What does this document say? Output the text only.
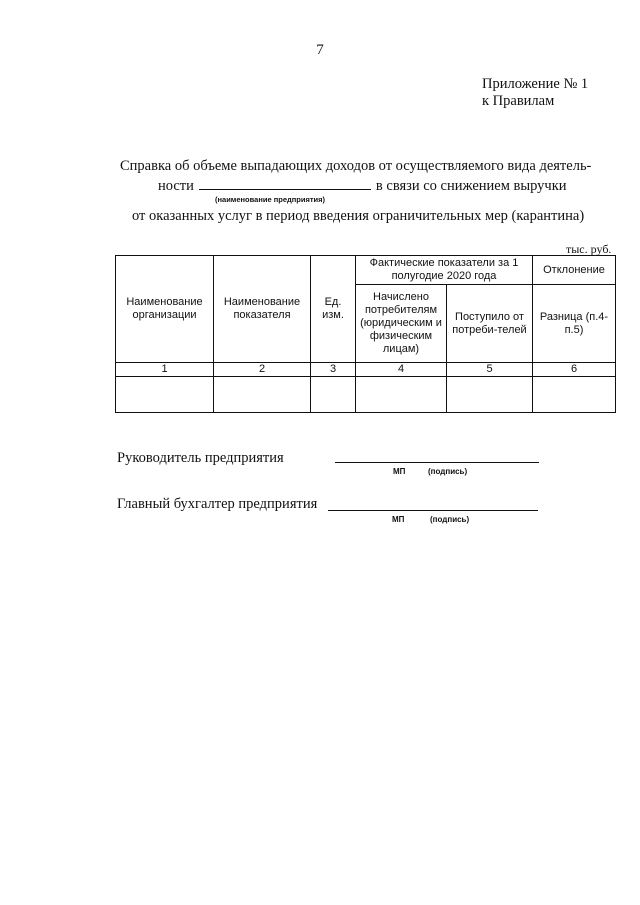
7
Приложение № 1
к Правилам
Справка об объеме выпадающих доходов от осуществляемого вида деятель-
ности	в связи со снижением выручки
(наименование предприятия)
от оказанных услуг в период введения ограничительных мер (карантина)
тыс. руб.
Наименование организации	Наименование показателя	Ед. изм.	Фактические показатели за 1 полугодие 2020 года		Отклонение
			Начислено потребителям (юридическим и физическим лицам)	Поступило от потреби-телей	Разница (п.4-п.5)
1	2	3	4	5	6

Руководитель предприятия
МП	(подпись)
Главный бухгалтер предприятия
МП	(подпись)
